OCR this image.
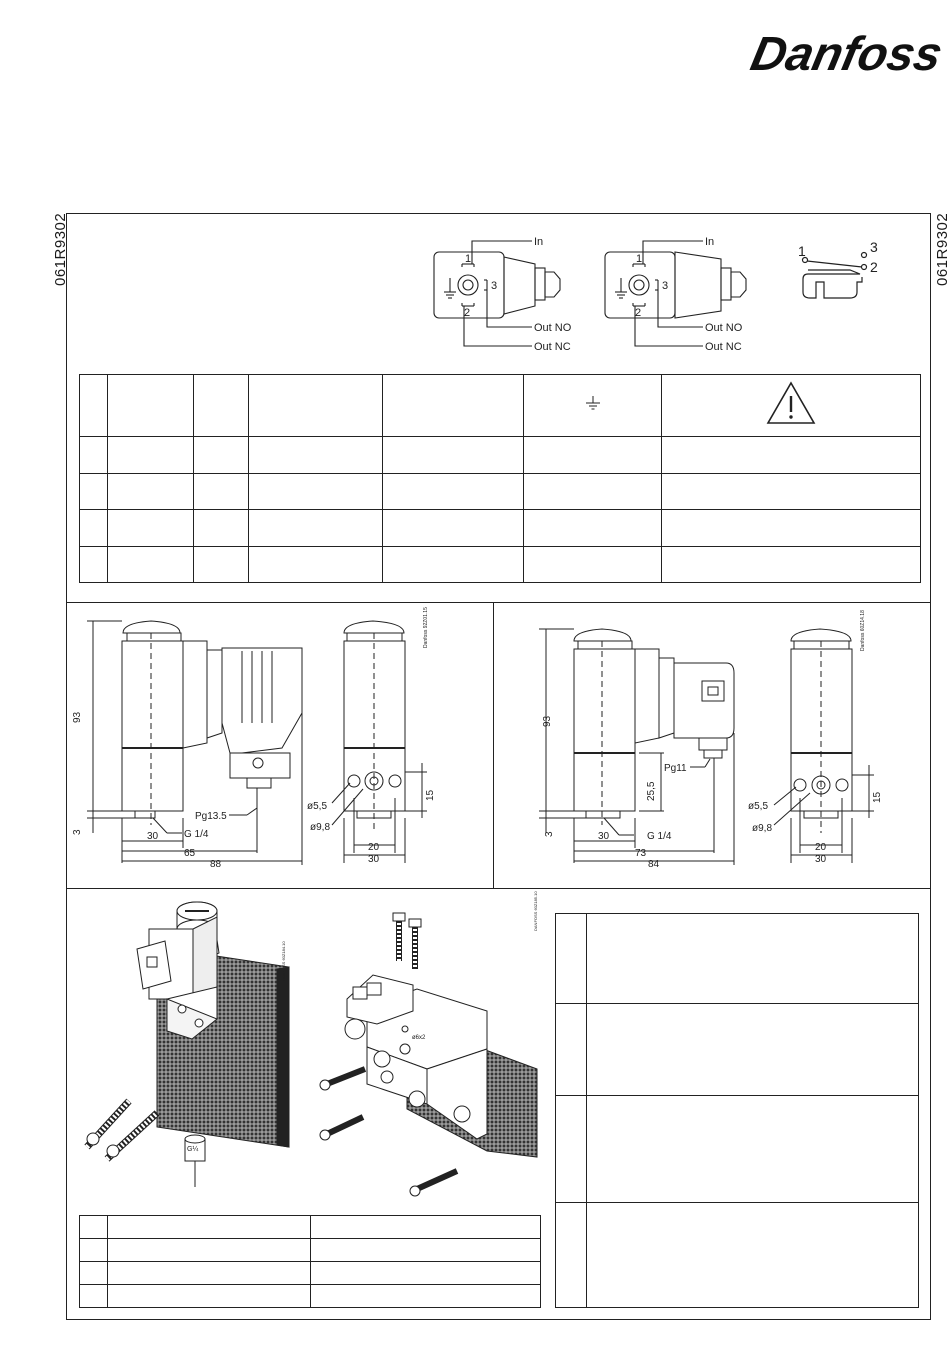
Danfoss
061R9302	061R9302
1
2
3
In
Out NO
Out NC
1
2
3
In
Out NO
Out NC
1	3
2

93
3	30
65
88
Pg13.5
G 1/4
ø5,5
ø9,8
15
20
30
Danfoss 92Z01.15
93
3
25,5
30
73
84
Pg11
G 1/4
ø5,5
ø9,8
15
20
30
Danfoss 60Z14.18
G¼
ø6x2
DANFOSS 60Z184.10
DANFOSS 60Z185.10
